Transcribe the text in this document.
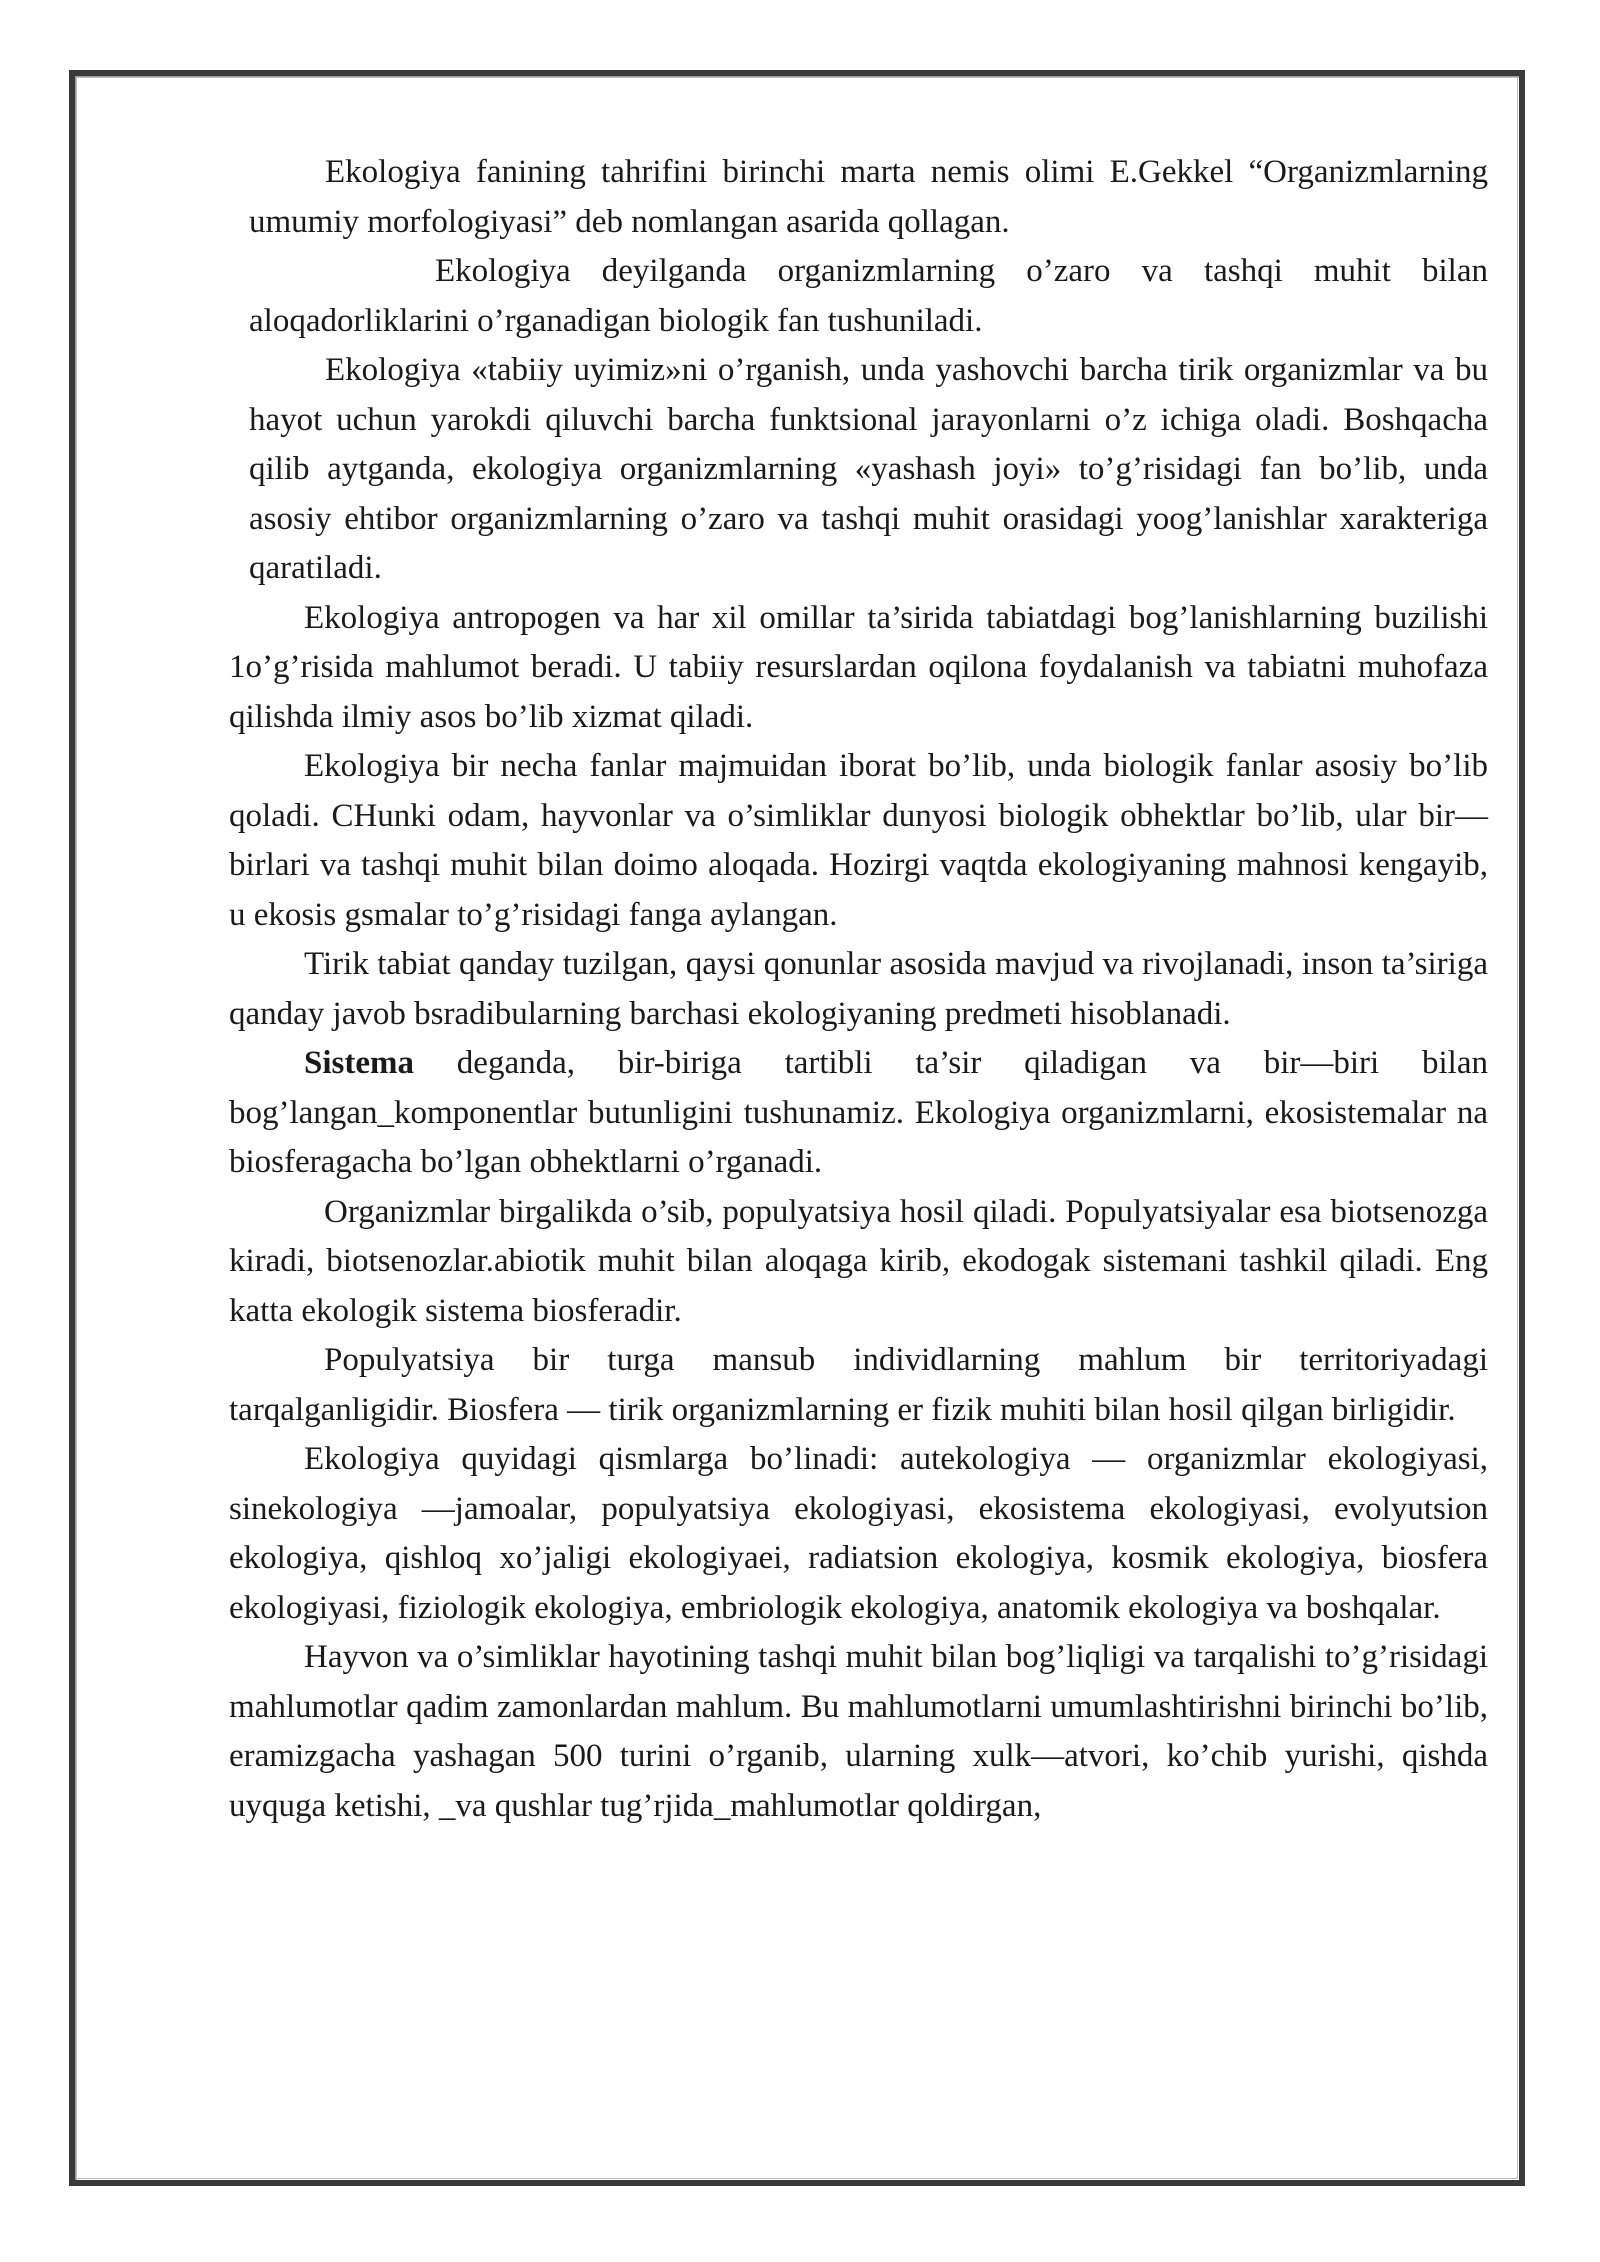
Ekologiya fanining tahrifini birinchi marta nemis olimi E.Gekkel “Organizmlarning umumiy morfologiyasi” deb nomlangan asarida qollagan.

Ekologiya deyilganda organizmlarning o’zaro va tashqi muhit bilan aloqadorliklarini o’rganadigan biologik fan tushuniladi.

Ekologiya «tabiiy uyimiz»ni o’rganish, unda yashovchi barcha tirik organizmlar va bu hayot uchun yarokdi qiluvchi barcha funktsional jarayonlarni o’z ichiga oladi. Boshqacha qilib aytganda, ekologiya organizmlarning «yashash joyi» to’g’risidagi fan bo’lib, unda asosiy ehtibor organizmlarning o’zaro va tashqi muhit orasidagi yoog’lanishlar xarakteriga qaratiladi.

Ekologiya antropogen va har xil omillar ta’sirida tabiatdagi bog’lanishlarning buzilishi 1o’g’risida mahlumot beradi. U tabiiy resurslardan oqilona foydalanish va tabiatni muhofaza qilishda ilmiy asos bo’lib xizmat qiladi.

Ekologiya bir necha fanlar majmuidan iborat bo’lib, unda biologik fanlar asosiy bo’lib qoladi. CHunki odam, hayvonlar va o’simliklar dunyosi biologik obhektlar bo’lib, ular bir—birlari va tashqi muhit bilan doimo aloqada. Hozirgi vaqtda ekologiyaning mahnosi kengayib, u ekosis gsmalar to’g’risidagi fanga aylangan.

Tirik tabiat qanday tuzilgan, qaysi qonunlar asosida mavjud va rivojlanadi, inson ta’siriga qanday javob bsradibularning barchasi ekologiyaning predmeti hisoblanadi.

Sistema deganda, bir-biriga tartibli ta’sir qiladigan va bir—biri bilan bog’langan_komponentlar butunligini tushunamiz. Ekologiya organizmlarni, ekosistemalar na biosferagacha bo’lgan obhektlarni o’rganadi.

Organizmlar birgalikda o’sib, populyatsiya hosil qiladi. Populyatsiyalar esa biotsenozga kiradi, biotsenozlar.abiotik muhit bilan aloqaga kirib, ekodogak sistemani tashkil qiladi. Eng katta ekologik sistema biosferadir.

Populyatsiya bir turga mansub individlarning mahlum bir territoriyadagi tarqalganligidir. Biosfera — tirik organizmlarning er fizik muhiti bilan hosil qilgan birligidir.

Ekologiya quyidagi qismlarga bo’linadi: autekologiya — organizmlar ekologiyasi, sinekologiya —jamoalar, populyatsiya ekologiyasi, ekosistema ekologiyasi, evolyutsion ekologiya, qishloq xo’jaligi ekologiyaei, radiatsion ekologiya, kosmik ekologiya, biosfera ekologiyasi, fiziologik ekologiya, embriologik ekologiya, anatomik ekologiya va boshqalar.

Hayvon va o’simliklar hayotining tashqi muhit bilan bog’liqligi va tarqalishi to’g’risidagi mahlumotlar qadim zamonlardan mahlum. Bu mahlumotlarni umumlashtirishni birinchi bo’lib, eramizgacha yashagan 500 turini o’rganib, ularning xulk—atvori, ko’chib yurishi, qishda uyquga ketishi, _va qushlar tug’rjida_mahlumotlar qoldirgan,
